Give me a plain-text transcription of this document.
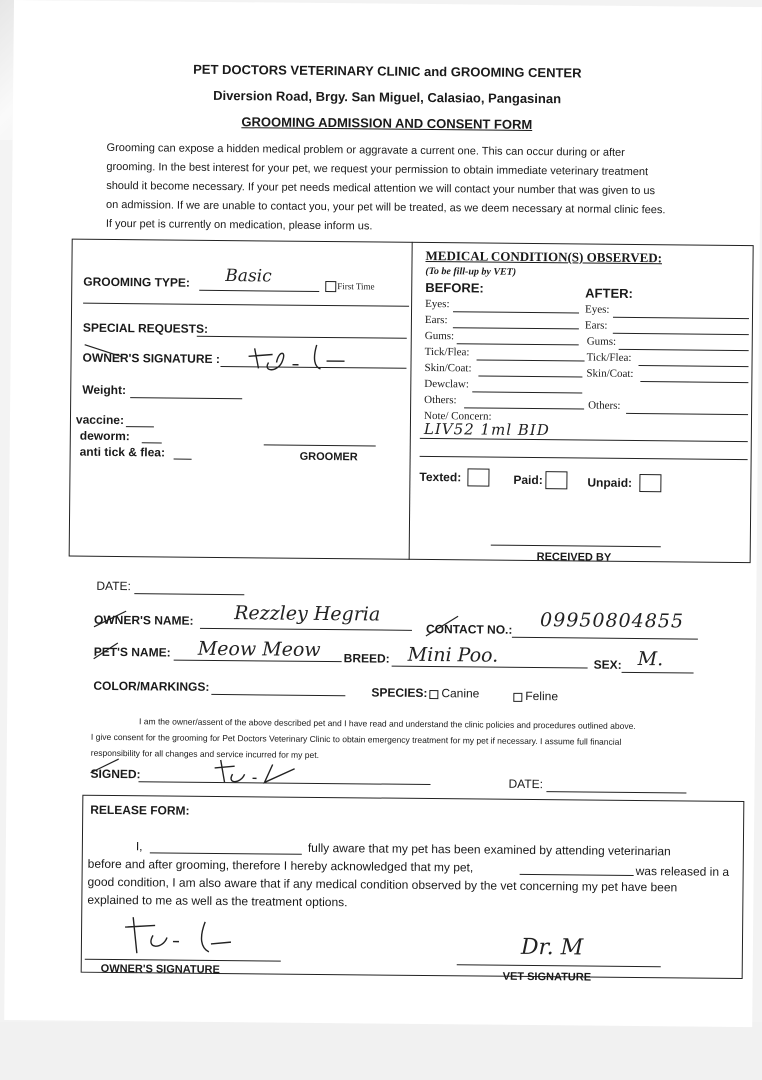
PET DOCTORS VETERINARY CLINIC and GROOMING CENTER
Diversion Road, Brgy. San Miguel, Calasiao, Pangasinan
GROOMING ADMISSION AND CONSENT FORM
Grooming can expose a hidden medical problem or aggravate a current one. This can occur during or after
grooming. In the best interest for your pet, we request your permission to obtain immediate veterinary treatment
should it become necessary. If your pet needs medical attention we will contact your number that was given to us
on admission. If we are unable to contact you, your pet will be treated, as we deem necessary at normal clinic fees.
If your pet is currently on medication, please inform us.
GROOMING TYPE: Basic	First Time
SPECIAL REQUESTS:
OWNER'S SIGNATURE :
Weight:
vaccine:
deworm:
anti tick & flea:	GROOMER
MEDICAL CONDITION(S) OBSERVED:
(To be fill-up by VET)
BEFORE:	AFTER:
Eyes:
Ears:
Gums:
Tick/Flea:
Skin/Coat:
Dewclaw:
Others:
Eyes:
Ears:
Gums:
Tick/Flea:
Skin/Coat:
Others:
Note/ Concern:
LIV52 1ml BID
Texted:	Paid:	Unpaid:
RECEIVED BY
DATE:
OWNER'S NAME: Rezzley Hegria
CONTACT NO.: 09950804855
PET'S NAME: Meow Meow BREED: Mini Poo.	SEX: M.
COLOR/MARKINGS:	SPECIES: Canine	Feline
I am the owner/assent of the above described pet and I have read and understand the clinic policies and procedures outlined above.
I give consent for the grooming for Pet Doctors Veterinary Clinic to obtain emergency treatment for my pet if necessary. I assume full financial
responsibility for all changes and service incurred for my pet.
SIGNED:
DATE:
RELEASE FORM:
I,	fully aware that my pet has been examined by attending veterinarian
before and after grooming, therefore I hereby acknowledged that my pet,	was released in a
good condition, I am also aware that if any medical condition observed by the vet concerning my pet have been
explained to me as well as the treatment options.
OWNER'S SIGNATURE
Dr. M
VET SIGNATURE
